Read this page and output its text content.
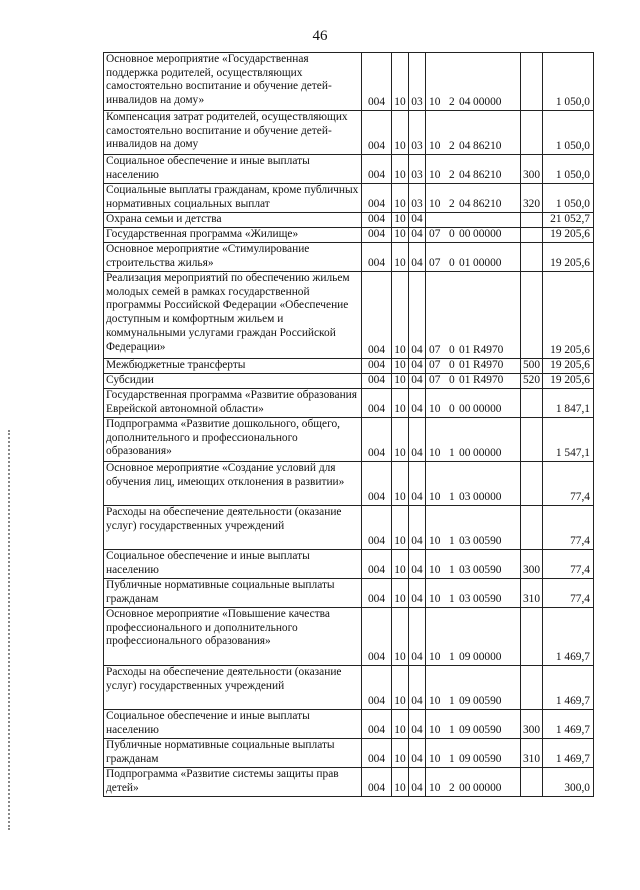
46
Основное мероприятие «Государственная поддержка родителей, осуществляющих самостоятельно воспитание и обучение детей-инвалидов на дому»	004	10	03	10 2 04 00000		1 050,0
Компенсация затрат родителей, осуществляющих самостоятельно воспитание и обучение детей-инвалидов на дому	004	10	03	10 2 04 86210		1 050,0
Социальное обеспечение и иные выплаты населению	004	10	03	10 2 04 86210	300	1 050,0
Социальные выплаты гражданам, кроме публичных нормативных социальных выплат	004	10	03	10 2 04 86210	320	1 050,0
Охрана семьи и детства	004	10	04			21 052,7
Государственная программа «Жилище»	004	10	04	07 0 00 00000		19 205,6
Основное мероприятие «Стимулирование строительства жилья»	004	10	04	07 0 01 00000		19 205,6
Реализация мероприятий по обеспечению жильем молодых семей в рамках государственной программы Российской Федерации «Обеспечение доступным и комфортным жильем и коммунальными услугами граждан Российской Федерации»	004	10	04	07 0 01 R4970		19 205,6
Межбюджетные трансферты	004	10	04	07 0 01 R4970	500	19 205,6
Субсидии	004	10	04	07 0 01 R4970	520	19 205,6
Государственная программа «Развитие образования Еврейской автономной области»	004	10	04	10 0 00 00000		1 847,1
Подпрограмма «Развитие дошкольного, общего, дополнительного и профессионального образования»	004	10	04	10 1 00 00000		1 547,1
Основное мероприятие «Создание условий для обучения лиц, имеющих отклонения в развитии»	004	10	04	10 1 03 00000		77,4
Расходы на обеспечение деятельности (оказание услуг) государственных учреждений	004	10	04	10 1 03 00590		77,4
Социальное обеспечение и иные выплаты населению	004	10	04	10 1 03 00590	300	77,4
Публичные нормативные социальные выплаты гражданам	004	10	04	10 1 03 00590	310	77,4
Основное мероприятие «Повышение качества профессионального и дополнительного профессионального образования»	004	10	04	10 1 09 00000		1 469,7
Расходы на обеспечение деятельности (оказание услуг) государственных учреждений	004	10	04	10 1 09 00590		1 469,7
Социальное обеспечение и иные выплаты населению	004	10	04	10 1 09 00590	300	1 469,7
Публичные нормативные социальные выплаты гражданам	004	10	04	10 1 09 00590	310	1 469,7
Подпрограмма «Развитие системы защиты прав детей»	004	10	04	10 2 00 00000		300,0
